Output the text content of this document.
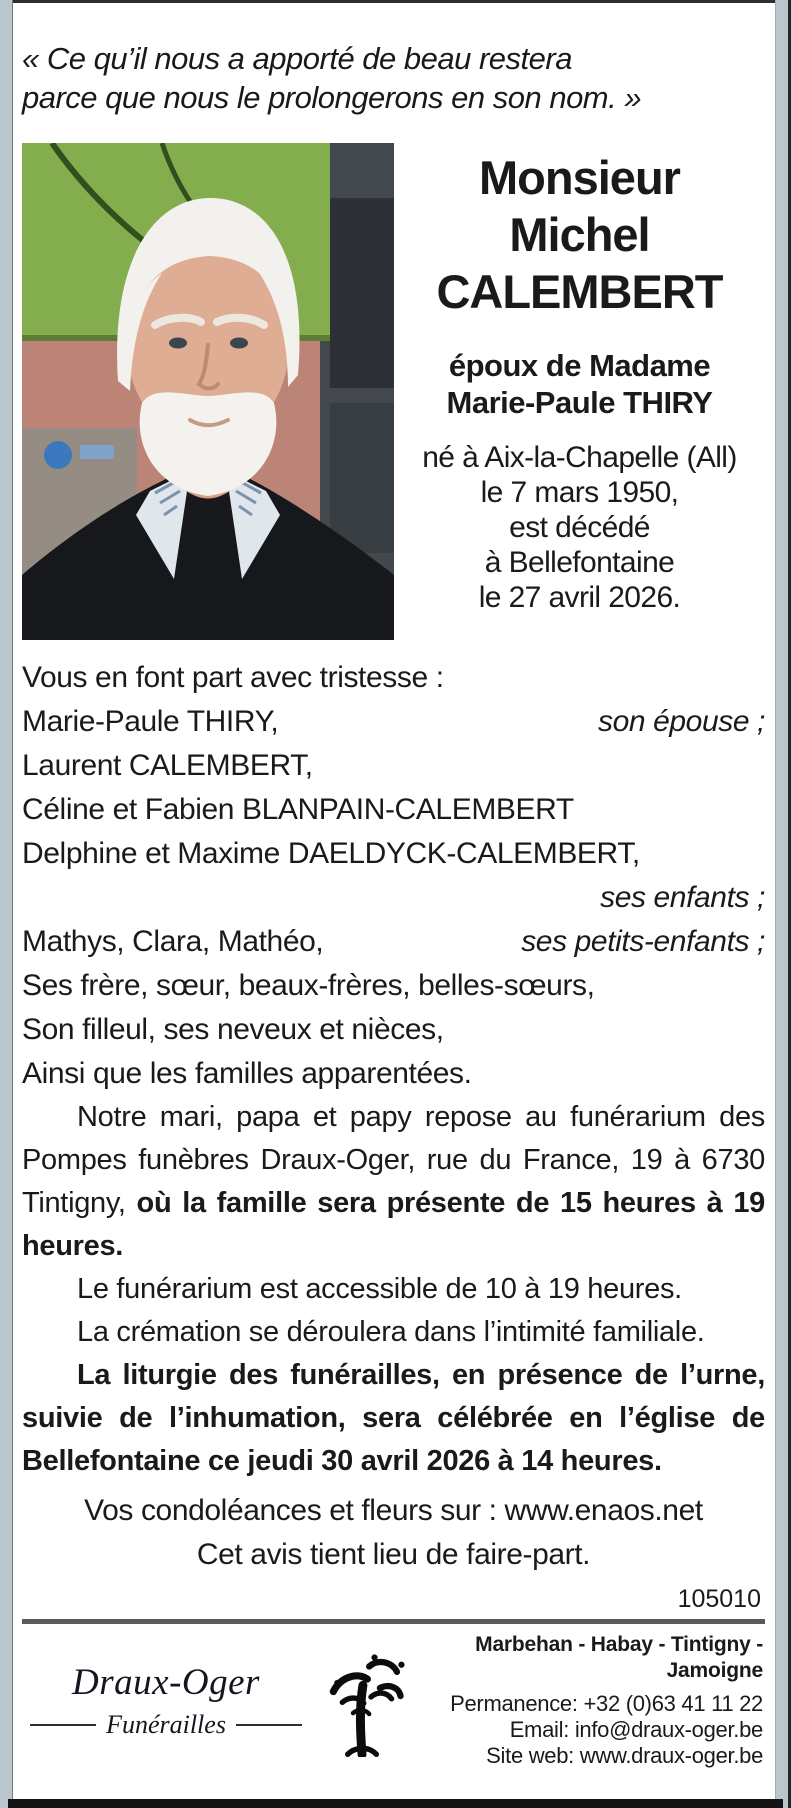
« Ce qu’il nous a apporté de beau restera
parce que nous le prolongerons en son nom. »
Monsieur
Michel
CALEMBERT
époux de Madame
Marie-Paule THIRY
né à Aix-la-Chapelle (All)
le 7 mars 1950,
est décédé
à Bellefontaine
le 27 avril 2026.
Vous en font part avec tristesse :
Marie-Paule THIRY,	son épouse ;
Laurent CALEMBERT,
Céline et Fabien BLANPAIN-CALEMBERT
Delphine et Maxime DAELDYCK-CALEMBERT,
ses enfants ;
Mathys, Clara, Mathéo,	ses petits-enfants ;
Ses frère, sœur, beaux-frères, belles-sœurs,
Son filleul, ses neveux et nièces,
Ainsi que les familles apparentées.

Notre mari, papa et papy repose au funérarium des Pompes funèbres Draux-Oger, rue du France, 19 à 6730 Tintigny, où la famille sera présente de 15 heures à 19 heures.

Le funérarium est accessible de 10 à 19 heures.

La crémation se déroulera dans l’intimité familiale.

La liturgie des funérailles, en présence de l’urne, suivie de l’inhumation, sera célébrée en l’église de Bellefontaine ce jeudi 30 avril 2026 à 14 heures.

Vos condoléances et fleurs sur : www.enaos.net
Cet avis tient lieu de faire-part.
105010
Draux-Oger
Funérailles
Marbehan - Habay - Tintigny - Jamoigne
Permanence: +32 (0)63 41 11 22
Email: info@draux-oger.be
Site web: www.draux-oger.be
